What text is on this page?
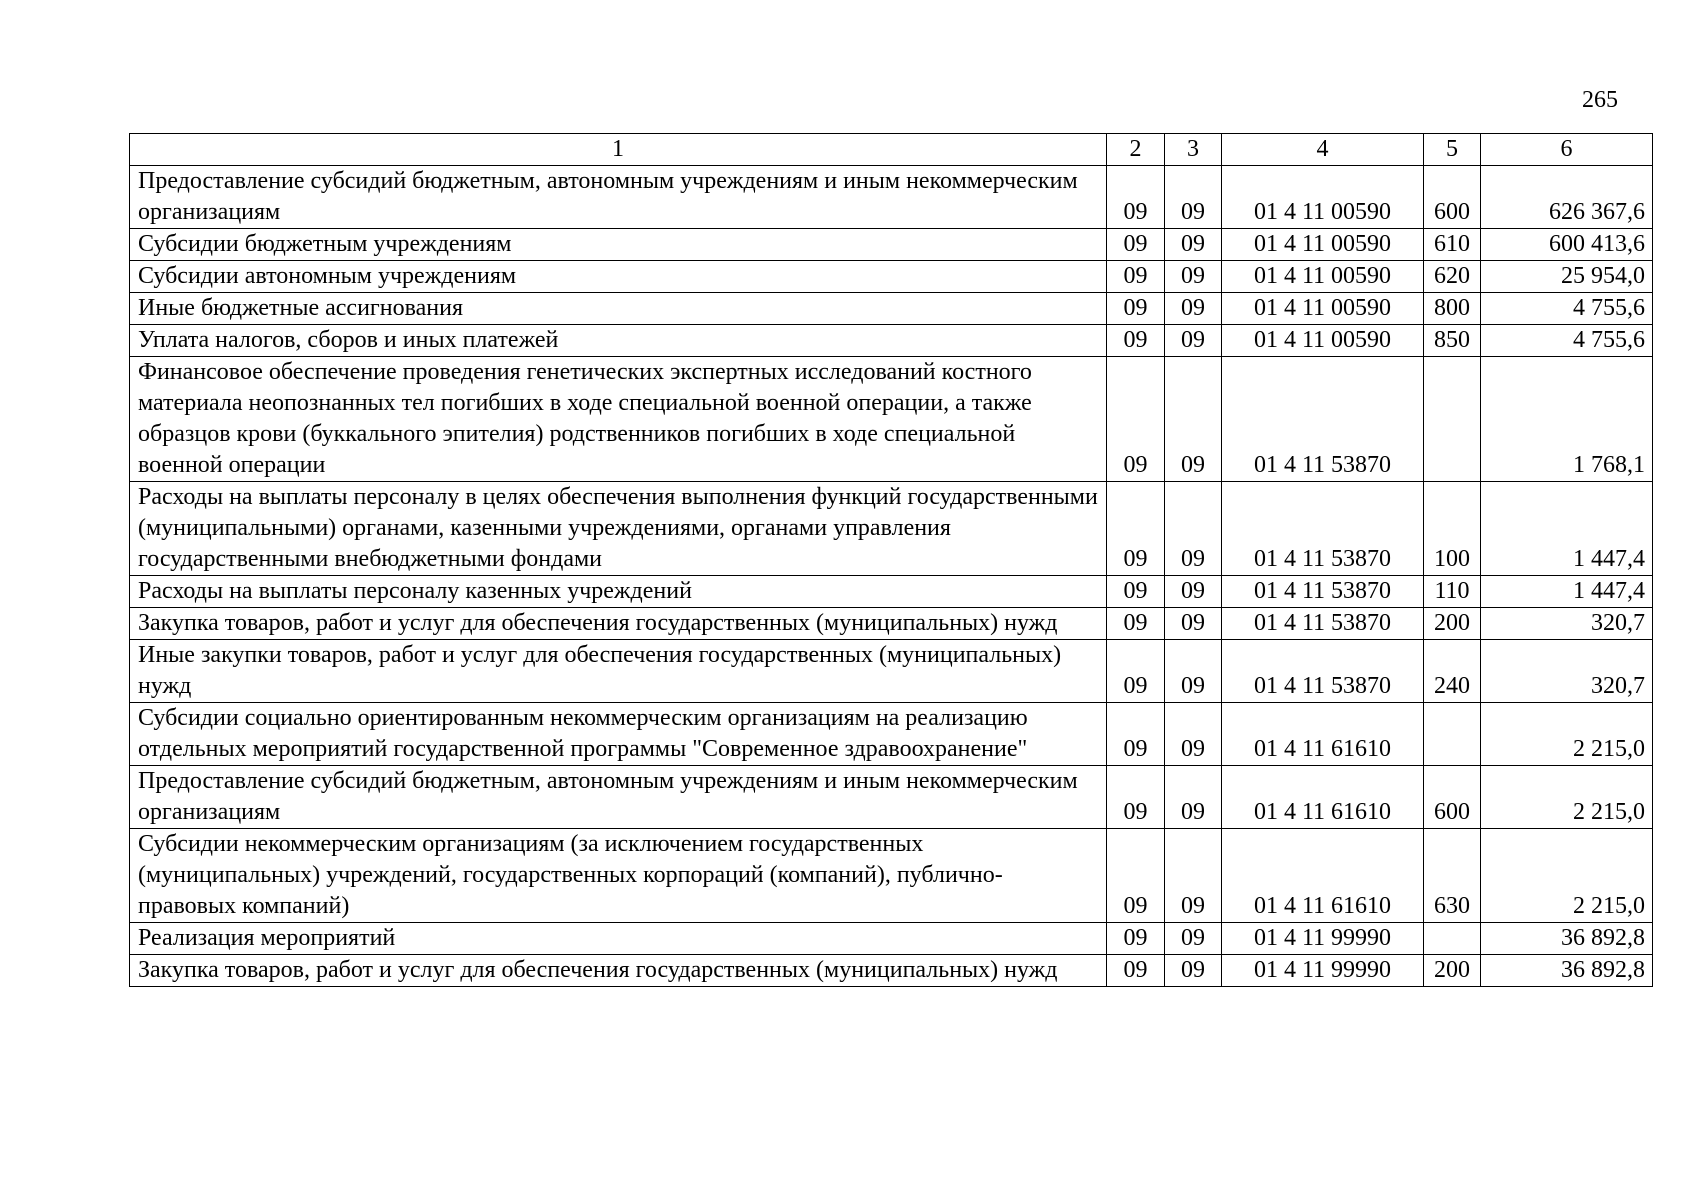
265
1	2	3	4	5	6
Предоставление субсидий бюджетным, автономным учреждениям и иным некоммерческим организациям	09	09	01 4 11 00590	600	626 367,6
Субсидии бюджетным учреждениям	09	09	01 4 11 00590	610	600 413,6
Субсидии автономным учреждениям	09	09	01 4 11 00590	620	25 954,0
Иные бюджетные ассигнования	09	09	01 4 11 00590	800	4 755,6
Уплата налогов, сборов и иных платежей	09	09	01 4 11 00590	850	4 755,6
Финансовое обеспечение проведения генетических экспертных исследований костного материала неопознанных тел погибших в ходе специальной военной операции, а также образцов крови (буккального эпителия) родственников погибших в ходе специальной военной операции	09	09	01 4 11 53870		1 768,1
Расходы на выплаты персоналу в целях обеспечения выполнения функций государственными (муниципальными) органами, казенными учреждениями, органами управления государственными внебюджетными фондами	09	09	01 4 11 53870	100	1 447,4
Расходы на выплаты персоналу казенных учреждений	09	09	01 4 11 53870	110	1 447,4
Закупка товаров, работ и услуг для обеспечения государственных (муниципальных) нужд	09	09	01 4 11 53870	200	320,7
Иные закупки товаров, работ и услуг для обеспечения государственных (муниципальных) нужд	09	09	01 4 11 53870	240	320,7
Субсидии социально ориентированным некоммерческим организациям на реализацию отдельных мероприятий государственной программы "Современное здравоохранение"	09	09	01 4 11 61610		2 215,0
Предоставление субсидий бюджетным, автономным учреждениям и иным некоммерческим организациям	09	09	01 4 11 61610	600	2 215,0
Субсидии некоммерческим организациям (за исключением государственных (муниципальных) учреждений, государственных корпораций (компаний), публично-правовых компаний)	09	09	01 4 11 61610	630	2 215,0
Реализация мероприятий	09	09	01 4 11 99990		36 892,8
Закупка товаров, работ и услуг для обеспечения государственных (муниципальных) нужд	09	09	01 4 11 99990	200	36 892,8
